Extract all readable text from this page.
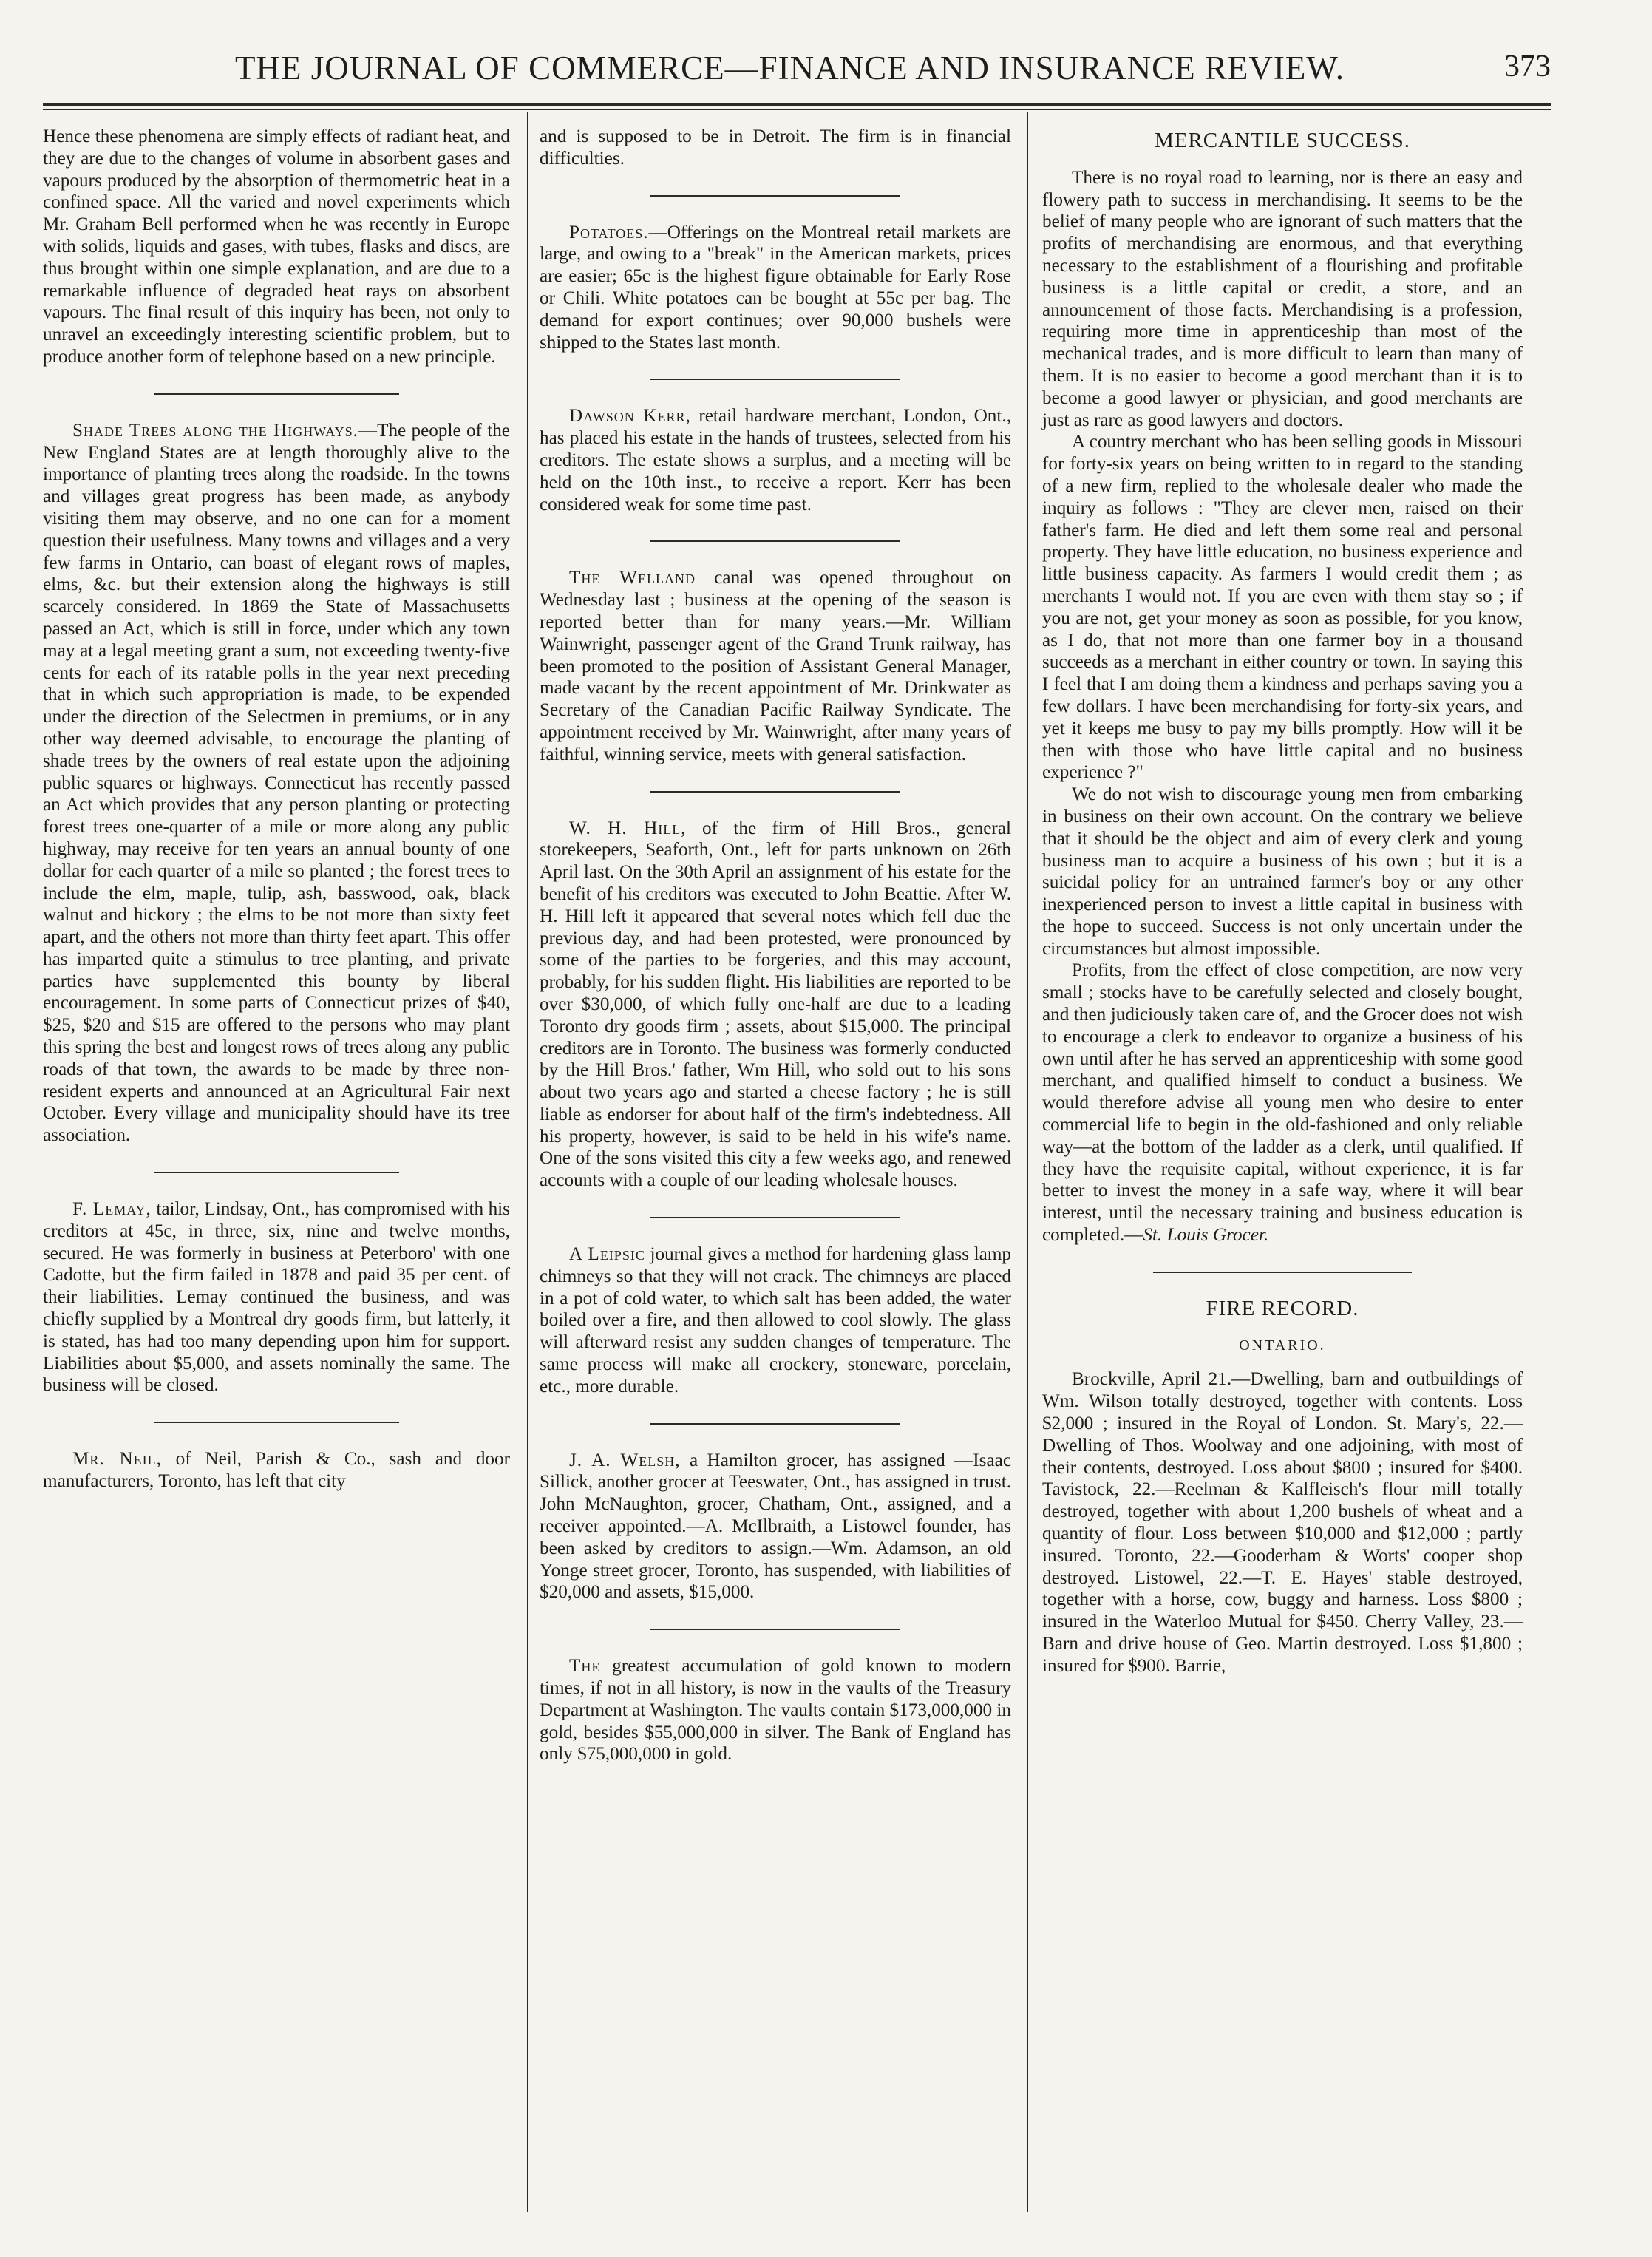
THE JOURNAL OF COMMERCE—FINANCE AND INSURANCE REVIEW.	373

Hence these phenomena are simply effects of radiant heat, and they are due to the changes of volume in absorbent gases and vapours produced by the absorption of thermometric heat in a confined space. All the varied and novel experiments which Mr. Graham Bell performed when he was recently in Europe with solids, liquids and gases, with tubes, flasks and discs, are thus brought within one simple explanation, and are due to a remarkable influence of degraded heat rays on absorbent vapours. The final result of this inquiry has been, not only to unravel an exceedingly interesting scientific problem, but to produce another form of telephone based on a new principle.

Shade Trees along the Highways.—The people of the New England States are at length thoroughly alive to the importance of planting trees along the roadside. In the towns and villages great progress has been made, as anybody visiting them may observe, and no one can for a moment question their usefulness. Many towns and villages and a very few farms in Ontario, can boast of elegant rows of maples, elms, &c. but their extension along the highways is still scarcely considered. In 1869 the State of Massachusetts passed an Act, which is still in force, under which any town may at a legal meeting grant a sum, not exceeding twenty-five cents for each of its ratable polls in the year next preceding that in which such appropriation is made, to be expended under the direction of the Selectmen in premiums, or in any other way deemed advisable, to encourage the planting of shade trees by the owners of real estate upon the adjoining public squares or highways. Connecticut has recently passed an Act which provides that any person planting or protecting forest trees one-quarter of a mile or more along any public highway, may receive for ten years an annual bounty of one dollar for each quarter of a mile so planted ; the forest trees to include the elm, maple, tulip, ash, basswood, oak, black walnut and hickory ; the elms to be not more than sixty feet apart, and the others not more than thirty feet apart. This offer has imparted quite a stimulus to tree planting, and private parties have supplemented this bounty by liberal encouragement. In some parts of Connecticut prizes of $40, $25, $20 and $15 are offered to the persons who may plant this spring the best and longest rows of trees along any public roads of that town, the awards to be made by three non-resident experts and announced at an Agricultural Fair next October. Every village and municipality should have its tree association.

F. Lemay, tailor, Lindsay, Ont., has compromised with his creditors at 45c, in three, six, nine and twelve months, secured. He was formerly in business at Peterboro' with one Cadotte, but the firm failed in 1878 and paid 35 per cent. of their liabilities. Lemay continued the business, and was chiefly supplied by a Montreal dry goods firm, but latterly, it is stated, has had too many depending upon him for support. Liabilities about $5,000, and assets nominally the same. The business will be closed.

Mr. Neil, of Neil, Parish & Co., sash and door manufacturers, Toronto, has left that city

and is supposed to be in Detroit. The firm is in financial difficulties.

Potatoes.—Offerings on the Montreal retail markets are large, and owing to a "break" in the American markets, prices are easier; 65c is the highest figure obtainable for Early Rose or Chili. White potatoes can be bought at 55c per bag. The demand for export continues; over 90,000 bushels were shipped to the States last month.

Dawson Kerr, retail hardware merchant, London, Ont., has placed his estate in the hands of trustees, selected from his creditors. The estate shows a surplus, and a meeting will be held on the 10th inst., to receive a report. Kerr has been considered weak for some time past.

The Welland canal was opened throughout on Wednesday last ; business at the opening of the season is reported better than for many years.—Mr. William Wainwright, passenger agent of the Grand Trunk railway, has been promoted to the position of Assistant General Manager, made vacant by the recent appointment of Mr. Drinkwater as Secretary of the Canadian Pacific Railway Syndicate. The appointment received by Mr. Wainwright, after many years of faithful, winning service, meets with general satisfaction.

W. H. Hill, of the firm of Hill Bros., general storekeepers, Seaforth, Ont., left for parts unknown on 26th April last. On the 30th April an assignment of his estate for the benefit of his creditors was executed to John Beattie. After W. H. Hill left it appeared that several notes which fell due the previous day, and had been protested, were pronounced by some of the parties to be forgeries, and this may account, probably, for his sudden flight. His liabilities are reported to be over $30,000, of which fully one-half are due to a leading Toronto dry goods firm ; assets, about $15,000. The principal creditors are in Toronto. The business was formerly conducted by the Hill Bros.' father, Wm Hill, who sold out to his sons about two years ago and started a cheese factory ; he is still liable as endorser for about half of the firm's indebtedness. All his property, however, is said to be held in his wife's name. One of the sons visited this city a few weeks ago, and renewed accounts with a couple of our leading wholesale houses.

A Leipsic journal gives a method for hardening glass lamp chimneys so that they will not crack. The chimneys are placed in a pot of cold water, to which salt has been added, the water boiled over a fire, and then allowed to cool slowly. The glass will afterward resist any sudden changes of temperature. The same process will make all crockery, stoneware, porcelain, etc., more durable.

J. A. Welsh, a Hamilton grocer, has assigned —Isaac Sillick, another grocer at Teeswater, Ont., has assigned in trust. John McNaughton, grocer, Chatham, Ont., assigned, and a receiver appointed.—A. McIlbraith, a Listowel founder, has been asked by creditors to assign.—Wm. Adamson, an old Yonge street grocer, Toronto, has suspended, with liabilities of $20,000 and assets, $15,000.

The greatest accumulation of gold known to modern times, if not in all history, is now in the vaults of the Treasury Department at Washington. The vaults contain $173,000,000 in gold, besides $55,000,000 in silver. The Bank of England has only $75,000,000 in gold.

MERCANTILE SUCCESS.

There is no royal road to learning, nor is there an easy and flowery path to success in merchandising. It seems to be the belief of many people who are ignorant of such matters that the profits of merchandising are enormous, and that everything necessary to the establishment of a flourishing and profitable business is a little capital or credit, a store, and an announcement of those facts. Merchandising is a profession, requiring more time in apprenticeship than most of the mechanical trades, and is more difficult to learn than many of them. It is no easier to become a good merchant than it is to become a good lawyer or physician, and good merchants are just as rare as good lawyers and doctors.

A country merchant who has been selling goods in Missouri for forty-six years on being written to in regard to the standing of a new firm, replied to the wholesale dealer who made the inquiry as follows : "They are clever men, raised on their father's farm. He died and left them some real and personal property. They have little education, no business experience and little business capacity. As farmers I would credit them ; as merchants I would not. If you are even with them stay so ; if you are not, get your money as soon as possible, for you know, as I do, that not more than one farmer boy in a thousand succeeds as a merchant in either country or town. In saying this I feel that I am doing them a kindness and perhaps saving you a few dollars. I have been merchandising for forty-six years, and yet it keeps me busy to pay my bills promptly. How will it be then with those who have little capital and no business experience ?"

We do not wish to discourage young men from embarking in business on their own account. On the contrary we believe that it should be the object and aim of every clerk and young business man to acquire a business of his own ; but it is a suicidal policy for an untrained farmer's boy or any other inexperienced person to invest a little capital in business with the hope to succeed. Success is not only uncertain under the circumstances but almost impossible.

Profits, from the effect of close competition, are now very small ; stocks have to be carefully selected and closely bought, and then judiciously taken care of, and the Grocer does not wish to encourage a clerk to endeavor to organize a business of his own until after he has served an apprenticeship with some good merchant, and qualified himself to conduct a business. We would therefore advise all young men who desire to enter commercial life to begin in the old-fashioned and only reliable way—at the bottom of the ladder as a clerk, until qualified. If they have the requisite capital, without experience, it is far better to invest the money in a safe way, where it will bear interest, until the necessary training and business education is completed.—St. Louis Grocer.

FIRE RECORD.

ONTARIO.

Brockville, April 21.—Dwelling, barn and outbuildings of Wm. Wilson totally destroyed, together with contents. Loss $2,000 ; insured in the Royal of London. St. Mary's, 22.—Dwelling of Thos. Woolway and one adjoining, with most of their contents, destroyed. Loss about $800 ; insured for $400. Tavistock, 22.—Reelman & Kalfleisch's flour mill totally destroyed, together with about 1,200 bushels of wheat and a quantity of flour. Loss between $10,000 and $12,000 ; partly insured. Toronto, 22.—Gooderham & Worts' cooper shop destroyed. Listowel, 22.—T. E. Hayes' stable destroyed, together with a horse, cow, buggy and harness. Loss $800 ; insured in the Waterloo Mutual for $450. Cherry Valley, 23.—Barn and drive house of Geo. Martin destroyed. Loss $1,800 ; insured for $900. Barrie,
